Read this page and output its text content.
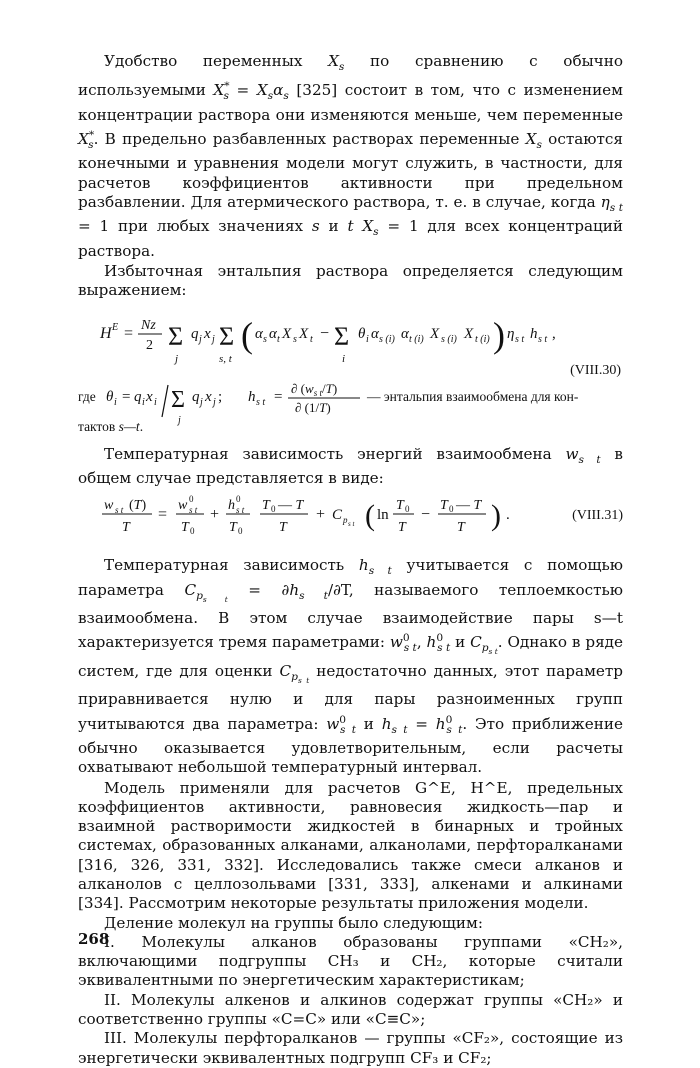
Удобство переменных $X_s$ по сравнению с обычно используемыми $X^*_s = X_s\alpha_s$ [325] состоит в том, что с изменением концентрации раствора они изменяются меньше, чем переменные $X^*_s$. В предельно разбавленных растворах переменные $X_s$ остаются конечными и уравнения модели могут служить, в частности, для расчетов коэффициентов активности при предельном разбавлении. Для атермического раствора, т. е. в случае, когда $\eta_{s t} = 1$ при любых значениях s и t $X_s = 1$ для всех концентраций раствора.

Избыточная энтальпия раствора определяется следующим выражением:

H E = Nz
2 Σ
j
q j x j Σ
s, t
( α s α t X s X t − Σ
i
θ i α s (i) α t (i) X s (i) X t (i) ) η s t h s t ,
(VIII.30)
где θ i = q i x i Σ
j
q j x j ; h s t =
∂ $(w_{s t}/T)$
∂ (1/T)
— энтальпия взаимообмена для кон-
тактов s—t.

Температурная зависимость энергий взаимообмена $w_{s t}$ в общем случае представляется в виде:

w s t (T)
T
=
w 0
s t
T 0
+
h 0
s t
T 0
T 0 — T
T
+ C p s t ( ln
T 0
T
−
T 0 — T
T ) .	(VIII.31)

Температурная зависимость $h_{s t}$ учитывается с помощью параметра $C_{p_{s t}} = \partial h_{s t}/\partial T$, называемого теплоемкостью взаимообмена. В этом случае взаимодействие пары s—t характеризуется тремя параметрами: $w^0_{s t}$, $h^0_{s t}$ и $C_{p_{s t}}$. Однако в ряде систем, где для оценки $C_{p_{s t}}$ недостаточно данных, этот параметр приравнивается нулю и для пары разноименных групп учитываются два параметра: $w^0_{s t}$ и $h_{s t} = h^0_{s t}$. Это приближение обычно оказывается удовлетворительным, если расчеты охватывают небольшой температурный интервал.

Модель применяли для расчетов G^E, H^E, предельных коэффициентов активности, равновесия жидкость—пар и взаимной растворимости жидкостей в бинарных и тройных системах, образованных алканами, алканолами, перфторалканами [316, 326, 331, 332]. Исследовались также смеси алканов и алканолов с целлозольвами [331, 333], алкенами и алкинами [334]. Рассмотрим некоторые результаты приложения модели.

Деление молекул на группы было следующим:

I. Молекулы алканов образованы группами «CH₂», включающими подгруппы CH₃ и CH₂, которые считали эквивалентными по энергетическим характеристикам;

II. Молекулы алкенов и алкинов содержат группы «CH₂» и соответственно группы «C=C» или «C≡C»;

III. Молекулы перфторалканов — группы «CF₂», состоящие из энергетически эквивалентных подгрупп CF₃ и CF₂;

268
H^E = (Nz/2) Σ_j q_j x_j Σ_(s,t) (α_s α_t X_s X_t − Σ_i θ_i α_s(i) α_t(i) X_s(i) X_t(i)) η_s t h_s t, w_s t(T)/T = w⁰_s t/T₀ + (h⁰_s t/T₀)(T₀ − T)/T + C_p s t (ln(T₀/T) − (T₀ − T)/T) . где θ_i = q_i x_i / Σ_j q_j x_j; h_s t = ∂(w_s t/T) / ∂(1/T) — энтальпия взаимообмена для контактов s—t.
